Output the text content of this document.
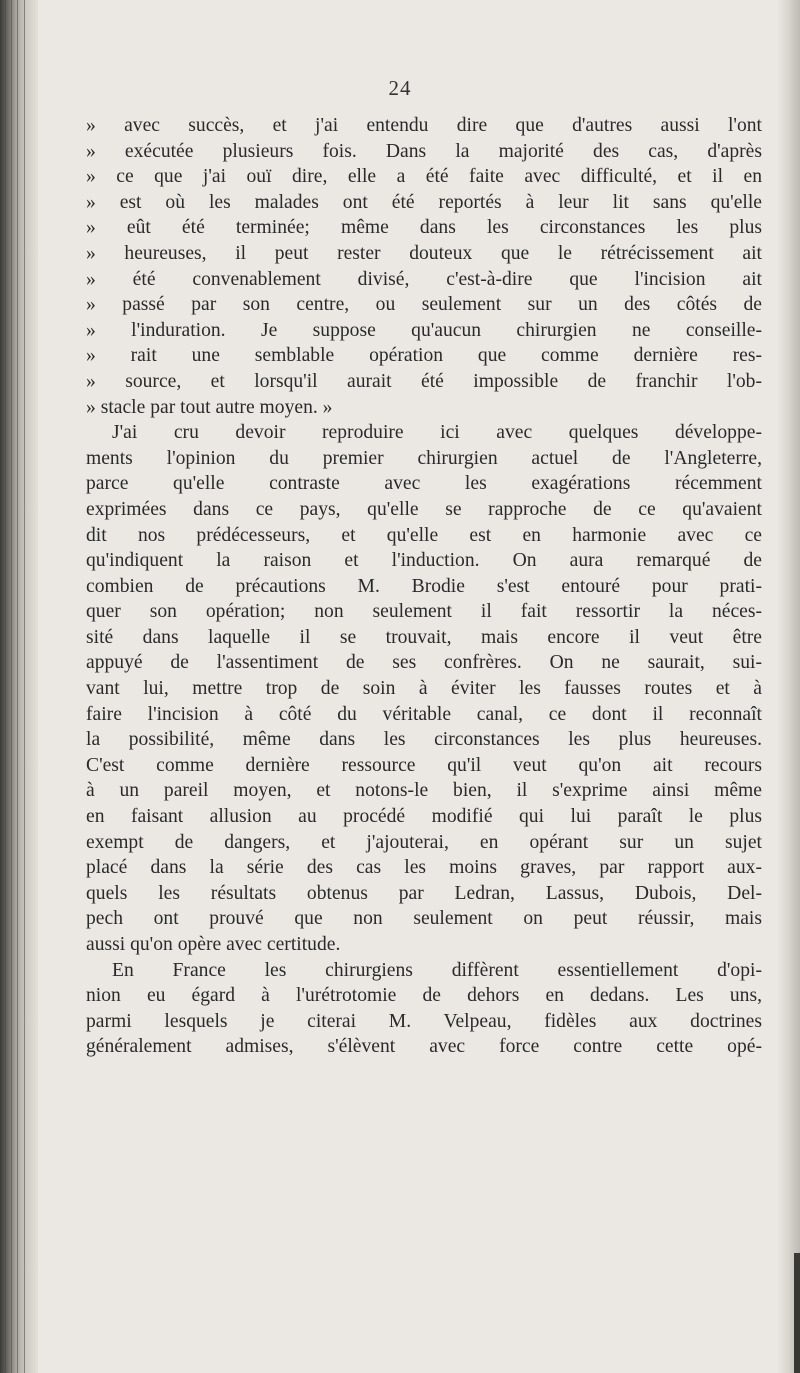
24
» avec succès, et j'ai entendu dire que d'autres aussi l'ont
» exécutée plusieurs fois. Dans la majorité des cas, d'après
» ce que j'ai ouï dire, elle a été faite avec difficulté, et il en
» est où les malades ont été reportés à leur lit sans qu'elle
» eût été terminée; même dans les circonstances les plus
» heureuses, il peut rester douteux que le rétrécissement ait
» été convenablement divisé, c'est-à-dire que l'incision ait
» passé par son centre, ou seulement sur un des côtés de
» l'induration. Je suppose qu'aucun chirurgien ne conseille-
» rait une semblable opération que comme dernière res-
» source, et lorsqu'il aurait été impossible de franchir l'ob-
» stacle par tout autre moyen. »
J'ai cru devoir reproduire ici avec quelques développe-
ments l'opinion du premier chirurgien actuel de l'Angleterre,
parce qu'elle contraste avec les exagérations récemment
exprimées dans ce pays, qu'elle se rapproche de ce qu'avaient
dit nos prédécesseurs, et qu'elle est en harmonie avec ce
qu'indiquent la raison et l'induction. On aura remarqué de
combien de précautions M. Brodie s'est entouré pour prati-
quer son opération; non seulement il fait ressortir la néces-
sité dans laquelle il se trouvait, mais encore il veut être
appuyé de l'assentiment de ses confrères. On ne saurait, sui-
vant lui, mettre trop de soin à éviter les fausses routes et à
faire l'incision à côté du véritable canal, ce dont il reconnaît
la possibilité, même dans les circonstances les plus heureuses.
C'est comme dernière ressource qu'il veut qu'on ait recours
à un pareil moyen, et notons-le bien, il s'exprime ainsi même
en faisant allusion au procédé modifié qui lui paraît le plus
exempt de dangers, et j'ajouterai, en opérant sur un sujet
placé dans la série des cas les moins graves, par rapport aux-
quels les résultats obtenus par Ledran, Lassus, Dubois, Del-
pech ont prouvé que non seulement on peut réussir, mais
aussi qu'on opère avec certitude.
En France les chirurgiens diffèrent essentiellement d'opi-
nion eu égard à l'urétrotomie de dehors en dedans. Les uns,
parmi lesquels je citerai M. Velpeau, fidèles aux doctrines
généralement admises, s'élèvent avec force contre cette opé-
